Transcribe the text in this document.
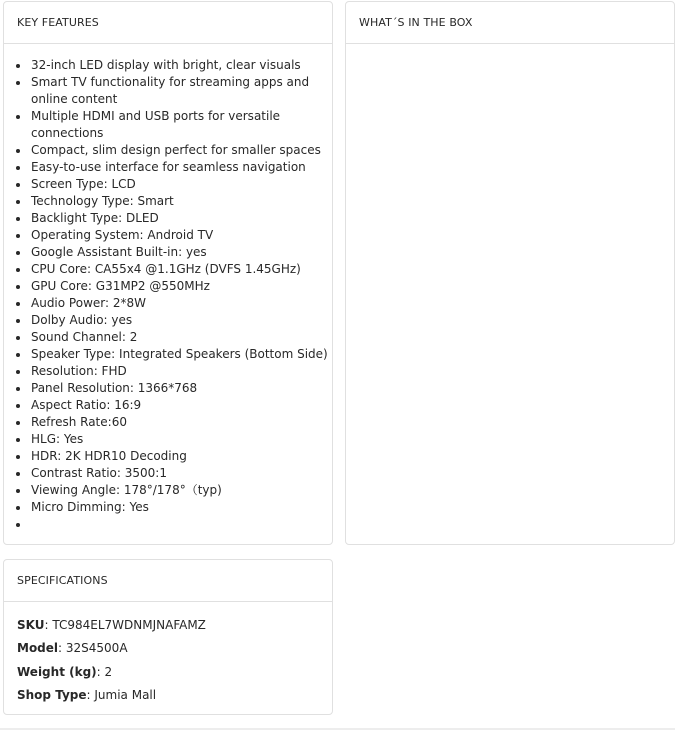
KEY FEATURES
• 32-inch LED display with bright, clear visuals
• Smart TV functionality for streaming apps and online content
• Multiple HDMI and USB ports for versatile connections
• Compact, slim design perfect for smaller spaces
• Easy-to-use interface for seamless navigation
• Screen Type: LCD
• Technology Type: Smart
• Backlight Type: DLED
• Operating System: Android TV
• Google Assistant Built-in: yes
• CPU Core: CA55x4 @1.1GHz (DVFS 1.45GHz)
• GPU Core: G31MP2 @550MHz
• Audio Power: 2*8W
• Dolby Audio: yes
• Sound Channel: 2
• Speaker Type: Integrated Speakers (Bottom Side)
• Resolution: FHD
• Panel Resolution: 1366*768
• Aspect Ratio: 16:9
• Refresh Rate:60
• HLG: Yes
• HDR: 2K HDR10 Decoding
• Contrast Ratio: 3500:1
• Viewing Angle: 178°/178°（typ)
• Micro Dimming: Yes
•
WHAT´S IN THE BOX
SPECIFICATIONS
SKU: TC984EL7WDNMJNAFAMZ
Model: 32S4500A
Weight (kg): 2
Shop Type: Jumia Mall
